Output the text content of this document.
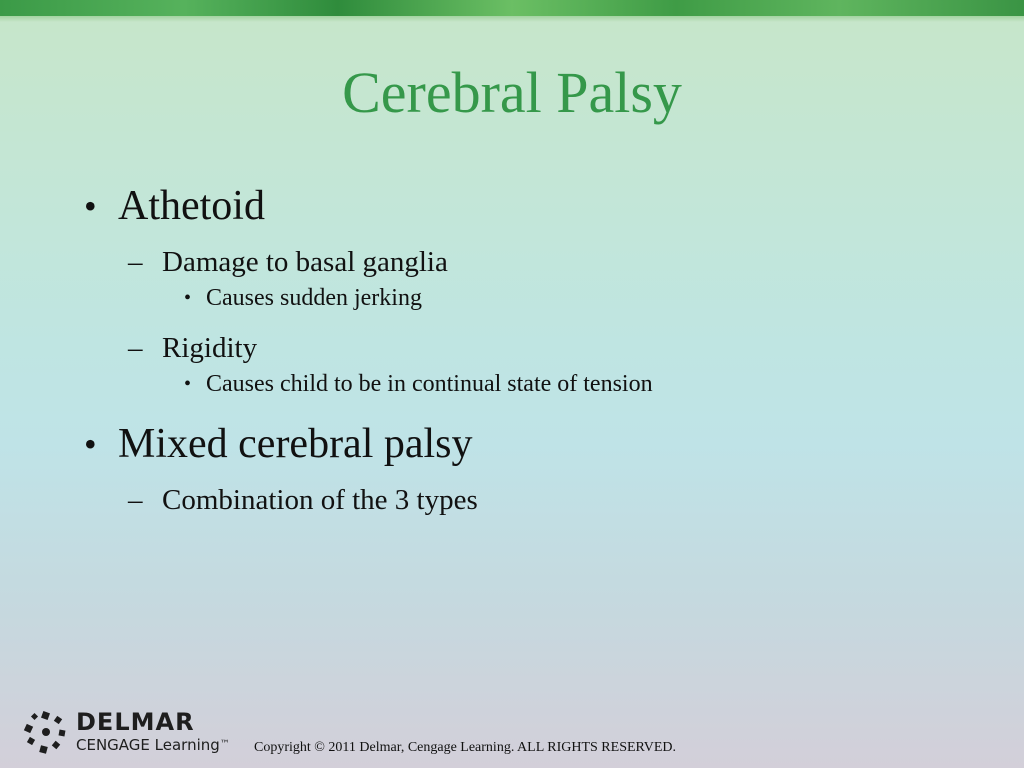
Cerebral Palsy
• Athetoid
– Damage to basal ganglia
• Causes sudden jerking
– Rigidity
• Causes child to be in continual state of tension
• Mixed cerebral palsy
– Combination of the 3 types
DELMAR
CENGAGE Learning™ Copyright © 2011 Delmar, Cengage Learning. ALL RIGHTS RESERVED.
